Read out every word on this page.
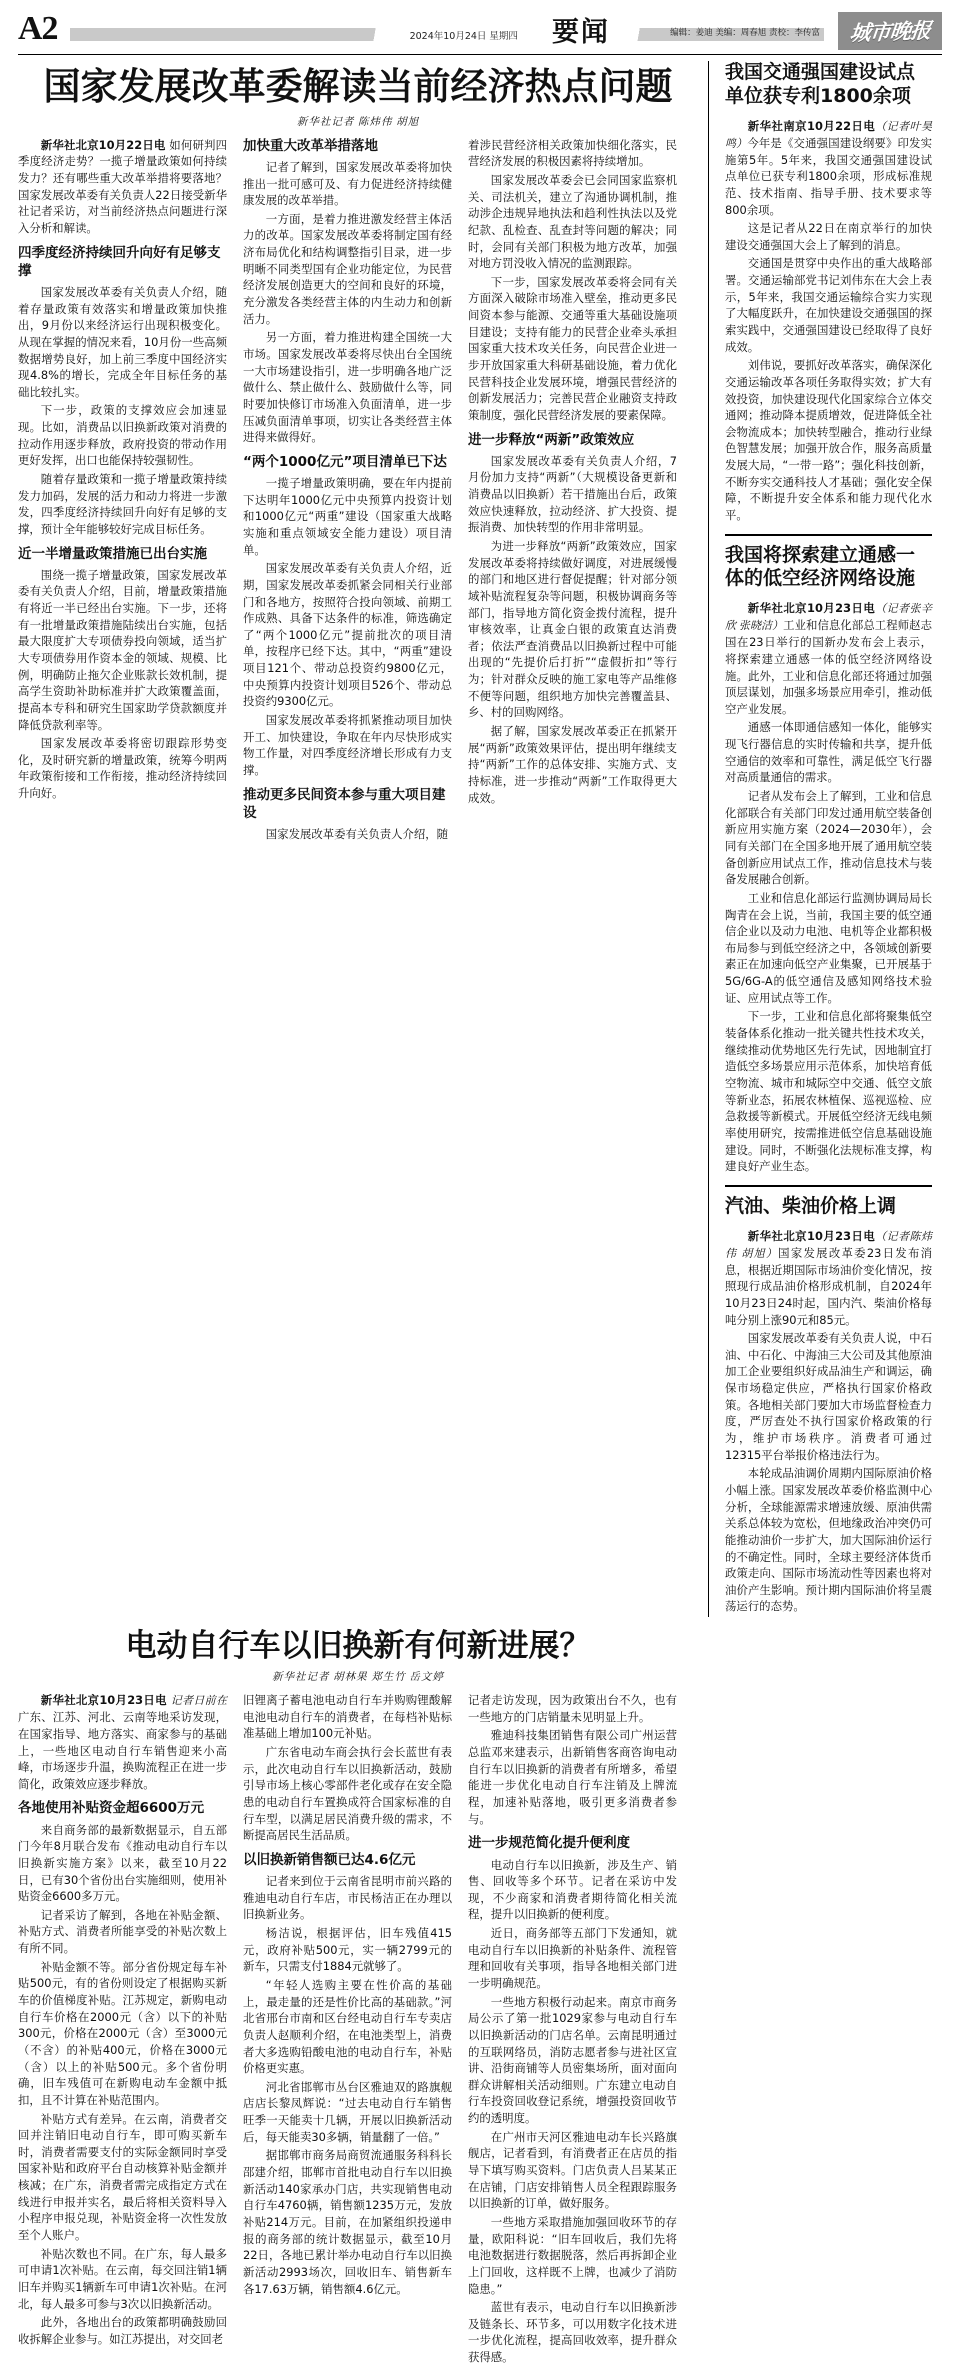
A2	2024年10月24日 星期四 要闻	编辑：姜迪 美编：周春旭 责校：李传富 城市晚报
国家发展改革委解读当前经济热点问题
新华社记者 陈炜伟 胡旭

新华社北京10月22日电 如何研判四季度经济走势？一揽子增量政策如何持续发力？还有哪些重大改革举措将要落地？国家发展改革委有关负责人22日接受新华社记者采访，对当前经济热点问题进行深入分析和解读。

四季度经济持续回升向好有足够支撑

国家发展改革委有关负责人介绍，随着存量政策有效落实和增量政策加快推出，9月份以来经济运行出现积极变化。从现在掌握的情况来看，10月份一些高频数据增势良好，加上前三季度中国经济实现4.8%的增长，完成全年目标任务的基础比较扎实。

下一步，政策的支撑效应会加速显现。比如，消费品以旧换新政策对消费的拉动作用逐步释放，政府投资的带动作用更好发挥，出口也能保持较强韧性。

随着存量政策和一揽子增量政策持续发力加码，发展的活力和动力将进一步激发，四季度经济持续回升向好有足够的支撑，预计全年能够较好完成目标任务。

近一半增量政策措施已出台实施

围绕一揽子增量政策，国家发展改革委有关负责人介绍，目前，增量政策措施有将近一半已经出台实施。下一步，还将有一批增量政策措施陆续出台实施，包括最大限度扩大专项债券投向领域，适当扩大专项债券用作资本金的领域、规模、比例，明确防止拖欠企业账款长效机制，提高学生资助补助标准并扩大政策覆盖面，提高本专科和研究生国家助学贷款额度并降低贷款利率等。

国家发展改革委将密切跟踪形势变化，及时研究新的增量政策，统筹今明两年政策衔接和工作衔接，推动经济持续回升向好。

加快重大改革举措落地

记者了解到，国家发展改革委将加快推出一批可感可及、有力促进经济持续健康发展的改革举措。

一方面，是着力推进激发经营主体活力的改革。国家发展改革委将制定国有经济布局优化和结构调整指引目录，进一步明晰不同类型国有企业功能定位，为民营经济发展创造更大的空间和良好的环境，充分激发各类经营主体的内生动力和创新活力。

另一方面，着力推进构建全国统一大市场。国家发展改革委将尽快出台全国统一大市场建设指引，进一步明确各地广泛做什么、禁止做什么、鼓励做什么等，同时要加快修订市场准入负面清单，进一步压减负面清单事项，切实让各类经营主体进得来做得好。

“两个1000亿元”项目清单已下达

一揽子增量政策明确，要在年内提前下达明年1000亿元中央预算内投资计划和1000亿元“两重”建设（国家重大战略实施和重点领域安全能力建设）项目清单。

国家发展改革委有关负责人介绍，近期，国家发展改革委抓紧会同相关行业部门和各地方，按照符合投向领域、前期工作成熟、具备下达条件的标准，筛选确定了“两个1000亿元”提前批次的项目清单，按程序已经下达。其中，“两重”建设项目121个、带动总投资约9800亿元，中央预算内投资计划项目526个、带动总投资约9300亿元。

国家发展改革委将抓紧推动项目加快开工、加快建设，争取在年内尽快形成实物工作量，对四季度经济增长形成有力支撑。

推动更多民间资本参与重大项目建设

国家发展改革委有关负责人介绍，随

着涉民营经济相关政策加快细化落实，民营经济发展的积极因素将持续增加。

国家发展改革委会已会同国家监察机关、司法机关，建立了沟通协调机制，推动涉企违规异地执法和趋利性执法以及党纪款、乱检查、乱查封等问题的解决；同时，会同有关部门积极为地方改革，加强对地方罚没收入情况的监测跟踪。

下一步，国家发展改革委将会同有关方面深入破除市场准入壁垒，推动更多民间资本参与能源、交通等重大基础设施项目建设；支持有能力的民营企业牵头承担国家重大技术攻关任务，向民营企业进一步开放国家重大科研基础设施，着力优化民营科技企业发展环境，增强民营经济的创新发展活力；完善民营企业融资支持政策制度，强化民营经济发展的要素保障。

进一步释放“两新”政策效应

国家发展改革委有关负责人介绍，7月份加力支持“两新”（大规模设备更新和消费品以旧换新）若干措施出台后，政策效应快速释放，拉动经济、扩大投资、提振消费、加快转型的作用非常明显。

为进一步释放“两新”政策效应，国家发展改革委将持续做好调度，对进展缓慢的部门和地区进行督促提醒；针对部分领域补贴流程复杂等问题，积极协调商务等部门，指导地方简化资金拨付流程，提升审核效率，让真金白银的政策直达消费者；依法严查消费品以旧换新过程中可能出现的“先提价后打折”“虚假折扣”等行为；针对群众反映的施工家电等产品维修不便等问题，组织地方加快完善覆盖县、乡、村的回购网络。

据了解，国家发展改革委正在抓紧开展“两新”政策效果评估，提出明年继续支持“两新”工作的总体安排、实施方式、支持标准，进一步推动“两新”工作取得更大成效。

我国交通强国建设试点单位获专利1800余项

新华社南京10月22日电（记者叶昊鸣）今年是《交通强国建设纲要》印发实施第5年。5年来，我国交通强国建设试点单位已获专利1800余项，形成标准规范、技术指南、指导手册、技术要求等800余项。

这是记者从22日在南京举行的加快建设交通强国大会上了解到的消息。

交通国是贯穿中央作出的重大战略部署。交通运输部党书记刘伟东在大会上表示，5年来，我国交通运输综合实力实现了大幅度跃升，在加快建设交通强国的探索实践中，交通强国建设已经取得了良好成效。

刘伟说，要抓好改革落实，确保深化交通运输改革各项任务取得实效；扩大有效投资，加快建设现代化国家综合立体交通网；推动降本提质增效，促进降低全社会物流成本；加快转型融合，推动行业绿色智慧发展；加强开放合作，服务高质量发展大局，“一带一路”；强化科技创新，不断夯实交通科技人才基础；强化安全保障，不断提升安全体系和能力现代化水平。

我国将探索建立通感一体的低空经济网络设施

新华社北京10月23日电（记者张辛欣 张晓洁）工业和信息化部总工程师赵志国在23日举行的国新办发布会上表示，将探索建立通感一体的低空经济网络设施。此外，工业和信息化部还将通过加强顶层谋划，加强多场景应用牵引，推动低空产业发展。

通感一体即通信感知一体化，能够实现飞行器信息的实时传输和共享，提升低空通信的效率和可靠性，满足低空飞行器对高质量通信的需求。

记者从发布会上了解到，工业和信息化部联合有关部门印发过通用航空装备创新应用实施方案（2024—2030年），会同有关部门在全国多地开展了通用航空装备创新应用试点工作，推动信息技术与装备发展融合创新。

工业和信息化部运行监测协调局局长陶青在会上说，当前，我国主要的低空通信企业以及动力电池、电机等企业都积极布局参与到低空经济之中，各领域创新要素正在加速向低空产业集聚，已开展基于5G/6G-A的低空通信及感知网络技术验证、应用试点等工作。

下一步，工业和信息化部将聚集低空装备体系化推动一批关键共性技术攻关，继续推动优势地区先行先试，因地制宜打造低空多场景应用示范体系，加快培育低空物流、城市和城际空中交通、低空文旅等新业态，拓展农林植保、巡视巡检、应急救援等新模式。开展低空经济无线电频率使用研究，按需推进低空信息基础设施建设。同时，不断强化法规标准支撑，构建良好产业生态。

汽油、柴油价格上调

新华社北京10月23日电（记者陈炜伟 胡旭）国家发展改革委23日发布消息，根据近期国际市场油价变化情况，按照现行成品油价格形成机制，自2024年10月23日24时起，国内汽、柴油价格每吨分别上涨90元和85元。

国家发展改革委有关负责人说，中石油、中石化、中海油三大公司及其他原油加工企业要组织好成品油生产和调运，确保市场稳定供应，严格执行国家价格政策。各地相关部门要加大市场监督检查力度，严厉查处不执行国家价格政策的行为，维护市场秩序。消费者可通过12315平台举报价格违法行为。

本轮成品油调价周期内国际原油价格小幅上涨。国家发展改革委价格监测中心分析，全球能源需求增速放缓、原油供需关系总体较为宽松，但地缘政治冲突仍可能推动油价一步扩大，加大国际油价运行的不确定性。同时，全球主要经济体货币政策走向、国际市场流动性等因素也将对油价产生影响。预计期内国际油价将呈震荡运行的态势。

电动自行车以旧换新有何新进展？
新华社记者 胡林果 郑生竹 岳文婷

新华社北京10月23日电 记者日前在广东、江苏、河北、云南等地采访发现，在国家指导、地方落实、商家参与的基础上，一些地区电动自行车销售迎来小高峰，市场逐步升温，换购流程正在进一步简化，政策效应逐步释放。

各地使用补贴资金超6600万元

来自商务部的最新数据显示，自五部门今年8月联合发布《推动电动自行车以旧换新实施方案》以来，截至10月22日，已有30个省份出台实施细则，使用补贴资金6600多万元。

记者采访了解到，各地在补贴金额、补贴方式、消费者所能享受的补贴次数上有所不同。

补贴金额不等。部分省份规定每车补贴500元，有的省份则设定了根据购买新车的价值梯度补贴。江苏规定，新购电动自行车价格在2000元（含）以下的补贴300元，价格在2000元（含）至3000元（不含）的补贴400元，价格在3000元（含）以上的补贴500元。多个省份明确，旧车残值可在新购电动车金额中抵扣，且不计算在补贴范围内。

补贴方式有差异。在云南，消费者交回并注销旧电动自行车，即可购买新车时，消费者需要支付的实际金额同时享受国家补贴和政府平台自动核算补贴金额并核减；在广东，消费者需完成指定方式在线进行申报并实名，最后将相关资料导入小程序申报兑现，补贴资金将一次性发放至个人账户。

补贴次数也不同。在广东，每人最多可申请1次补贴。在云南，每交回注销1辆旧车并购买1辆新车可申请1次补贴。在河北，每人最多可参与3次以旧换新活动。

此外，各地出台的政策都明确鼓励回收拆解企业参与。如江苏提出，对交回老

旧锂离子蓄电池电动自行车并购购锂酸解电池电动自行车的消费者，在每档补贴标准基础上增加100元补贴。

广东省电动车商会执行会长蓝世有表示，此次电动自行车以旧换新活动，鼓励引导市场上核心零部件老化或存在安全隐患的电动自行车置换成符合国家标准的自行车型，以满足居民消费升级的需求，不断提高居民生活品质。

以旧换新销售额已达4.6亿元

记者来到位于云南省昆明市前兴路的雅迪电动自行车店，市民杨洁正在办理以旧换新业务。

杨洁说，根据评估，旧车残值415元，政府补贴500元，实一辆2799元的新车，只需支付1884元就够了。

“年轻人选购主要在性价高的基础上，最走量的还是性价比高的基础款。”河北省邢台市南和区台经电动自行车专卖店负责人赵顺利介绍，在电池类型上，消费者大多选购铅酸电池的电动自行车，补贴价格更实惠。

河北省邯郸市丛台区雅迪双的路旗舰店店长黎凤辉说：“过去电动自行车销售旺季一天能卖十几辆，开展以旧换新活动后，每天能卖30多辆，销量翻了一倍。”

据邯郸市商务局商贸流通服务科科长邵建介绍，邯郸市首批电动自行车以旧换新活动140家承办门店，共实现销售电动自行车4760辆，销售额1235万元，发放补贴214万元。目前，在加紧组织投递申报的商务部的统计数据显示，截至10月22日，各地已累计举办电动自行车以旧换新活动2993场次，回收旧车、销售新车各17.63万辆，销售额4.6亿元。

记者走访发现，因为政策出台不久，也有一些地方的门店销量未见明显上升。

雅迪科技集团销售有限公司广州运营总监邓来建表示，出新销售客商咨询电动自行车以旧换新的消费者有所增多，希望能进一步优化电动自行车注销及上牌流程，加速补贴落地，吸引更多消费者参与。

进一步规范简化提升便利度

电动自行车以旧换新，涉及生产、销售、回收等多个环节。记者在采访中发现，不少商家和消费者期待简化相关流程，提升以旧换新的便利度。

近日，商务部等五部门下发通知，就电动自行车以旧换新的补贴条件、流程管理和回收有关事项，指导各地相关部门进一步明确规范。

一些地方积极行动起来。南京市商务局公示了第一批1029家参与电动自行车以旧换新活动的门店名单。云南昆明通过的互联网络员，消防志愿者参与进社区宣讲、沿街商铺等人员密集场所，面对面向群众讲解相关活动细则。广东建立电动自行车投资回收登记系统，增强投资回收节约的透明度。

在广州市天河区雅迪电动车长兴路旗舰店，记者看到，有消费者正在店员的指导下填写购买资料。门店负责人吕某某正在店铺，门店安排销售人员全程跟踪服务以旧换新的订单，做好服务。

一些地方采取措施加强回收环节的存量，欧阳科说：“旧车回收后，我们先将电池数据进行数据脱落，然后再拆卸企业上门回收，这样既不上牌，也减少了消防隐患。”

蓝世有表示，电动自行车以旧换新涉及链条长、环节多，可以用数字化技术进一步优化流程，提高回收效率，提升群众获得感。
